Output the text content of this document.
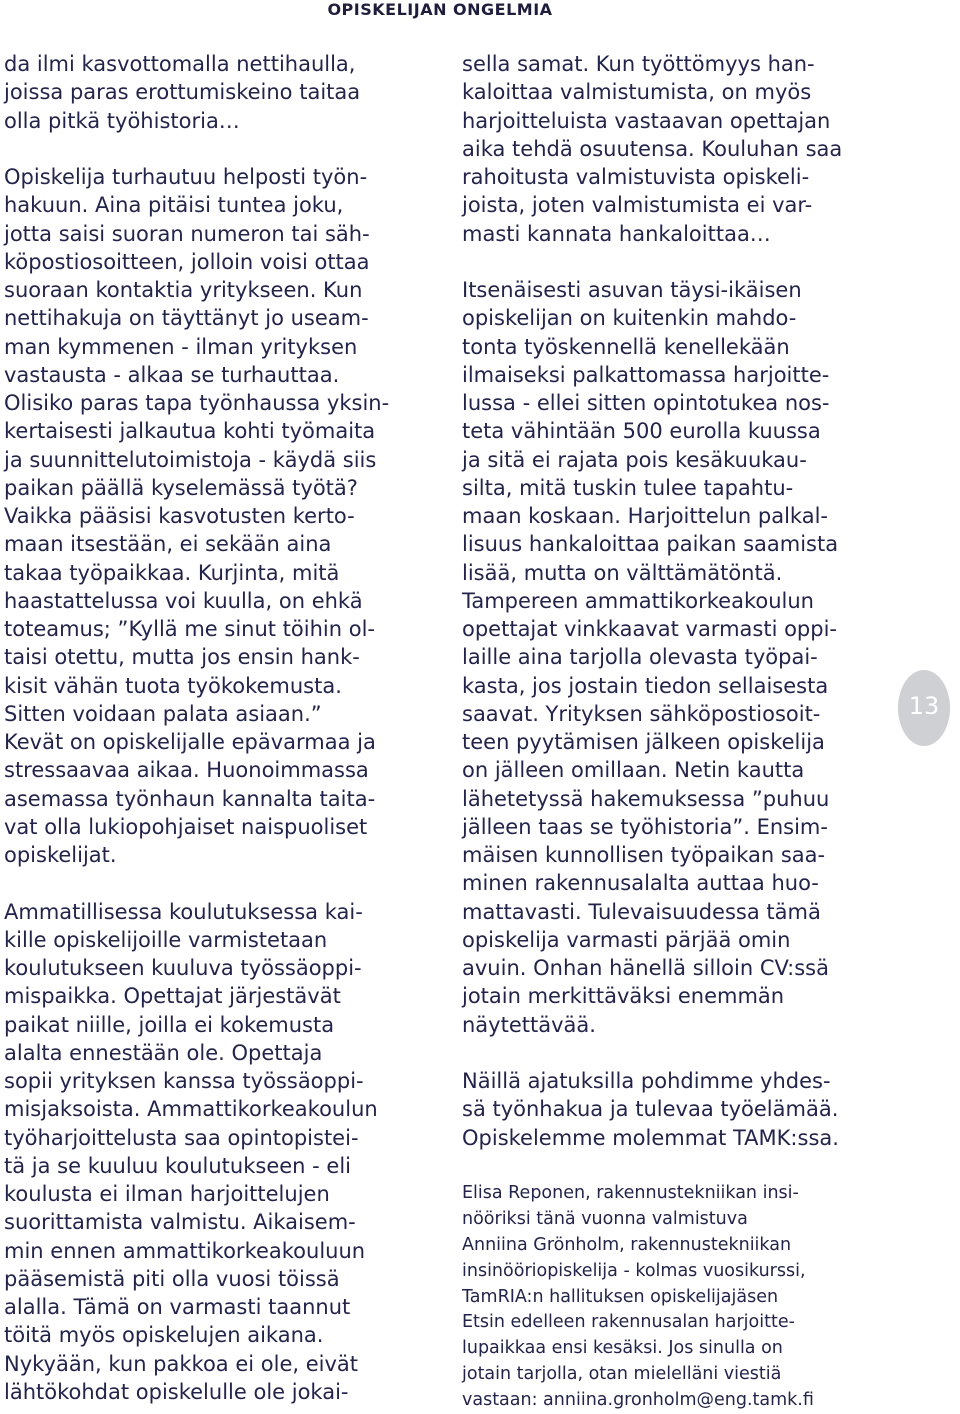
OPISKELIJAN ONGELMIA
da ilmi kasvottomalla nettihaulla,
joissa paras erottumiskeino taitaa
olla pitkä työhistoria…
Opiskelija turhautuu helposti työn-
hakuun. Aina pitäisi tuntea joku,
jotta saisi suoran numeron tai säh-
köpostiosoitteen, jolloin voisi ottaa
suoraan kontaktia yritykseen. Kun
nettihakuja on täyttänyt jo useam-
man kymmenen - ilman yrityksen
vastausta - alkaa se turhauttaa.
Olisiko paras tapa työnhaussa yksin-
kertaisesti jalkautua kohti työmaita
ja suunnittelutoimistoja - käydä siis
paikan päällä kyselemässä työtä?
Vaikka pääsisi kasvotusten kerto-
maan itsestään, ei sekään aina
takaa työpaikkaa. Kurjinta, mitä
haastattelussa voi kuulla, on ehkä
toteamus; ”Kyllä me sinut töihin ol-
taisi otettu, mutta jos ensin hank-
kisit vähän tuota työkokemusta.
Sitten voidaan palata asiaan.”
Kevät on opiskelijalle epävarmaa ja
stressaavaa aikaa. Huonoimmassa
asemassa työnhaun kannalta taita-
vat olla lukiopohjaiset naispuoliset
opiskelijat.
Ammatillisessa koulutuksessa kai-
kille opiskelijoille varmistetaan
koulutukseen kuuluva työssäoppi-
mispaikka. Opettajat järjestävät
paikat niille, joilla ei kokemusta
alalta ennestään ole. Opettaja
sopii yrityksen kanssa työssäoppi-
misjaksoista. Ammattikorkeakoulun
työharjoittelusta saa opintopistei-
tä ja se kuuluu koulutukseen - eli
koulusta ei ilman harjoittelujen
suorittamista valmistu. Aikaisem-
min ennen ammattikorkeakouluun
pääsemistä piti olla vuosi töissä
alalla. Tämä on varmasti taannut
töitä myös opiskelujen aikana.
Nykyään, kun pakkoa ei ole, eivät
lähtökohdat opiskelulle ole jokai-
sella samat. Kun työttömyys han-
kaloittaa valmistumista, on myös
harjoitteluista vastaavan opettajan
aika tehdä osuutensa. Kouluhan saa
rahoitusta valmistuvista opiskeli-
joista, joten valmistumista ei var-
masti kannata hankaloittaa…
Itsenäisesti asuvan täysi-ikäisen
opiskelijan on kuitenkin mahdo-
tonta työskennellä kenellekään
ilmaiseksi palkattomassa harjoitte-
lussa - ellei sitten opintotukea nos-
teta vähintään 500 eurolla kuussa
ja sitä ei rajata pois kesäkuukau-
silta, mitä tuskin tulee tapahtu-
maan koskaan. Harjoittelun palkal-
lisuus hankaloittaa paikan saamista
lisää, mutta on välttämätöntä.
Tampereen ammattikorkeakoulun
opettajat vinkkaavat varmasti oppi-
laille aina tarjolla olevasta työpai-
kasta, jos jostain tiedon sellaisesta
saavat. Yrityksen sähköpostiosoit-
teen pyytämisen jälkeen opiskelija
on jälleen omillaan. Netin kautta
lähetetyssä hakemuksessa ”puhuu
jälleen taas se työhistoria”. Ensim-
mäisen kunnollisen työpaikan saa-
minen rakennusalalta auttaa huo-
mattavasti. Tulevaisuudessa tämä
opiskelija varmasti pärjää omin
avuin. Onhan hänellä silloin CV:ssä
jotain merkittäväksi enemmän
näytettävää.
Näillä ajatuksilla pohdimme yhdes-
sä työnhakua ja tulevaa työelämää.
Opiskelemme molemmat TAMK:ssa.
Elisa Reponen, rakennustekniikan insi-
nööriksi tänä vuonna valmistuva
Anniina Grönholm, rakennustekniikan
insinööriopiskelija - kolmas vuosikurssi,
TamRIA:n hallituksen opiskelijajäsen
Etsin edelleen rakennusalan harjoitte-
lupaikkaa ensi kesäksi. Jos sinulla on
jotain tarjolla, otan mielelläni viestiä
vastaan: anniina.gronholm@eng.tamk.fi
13
